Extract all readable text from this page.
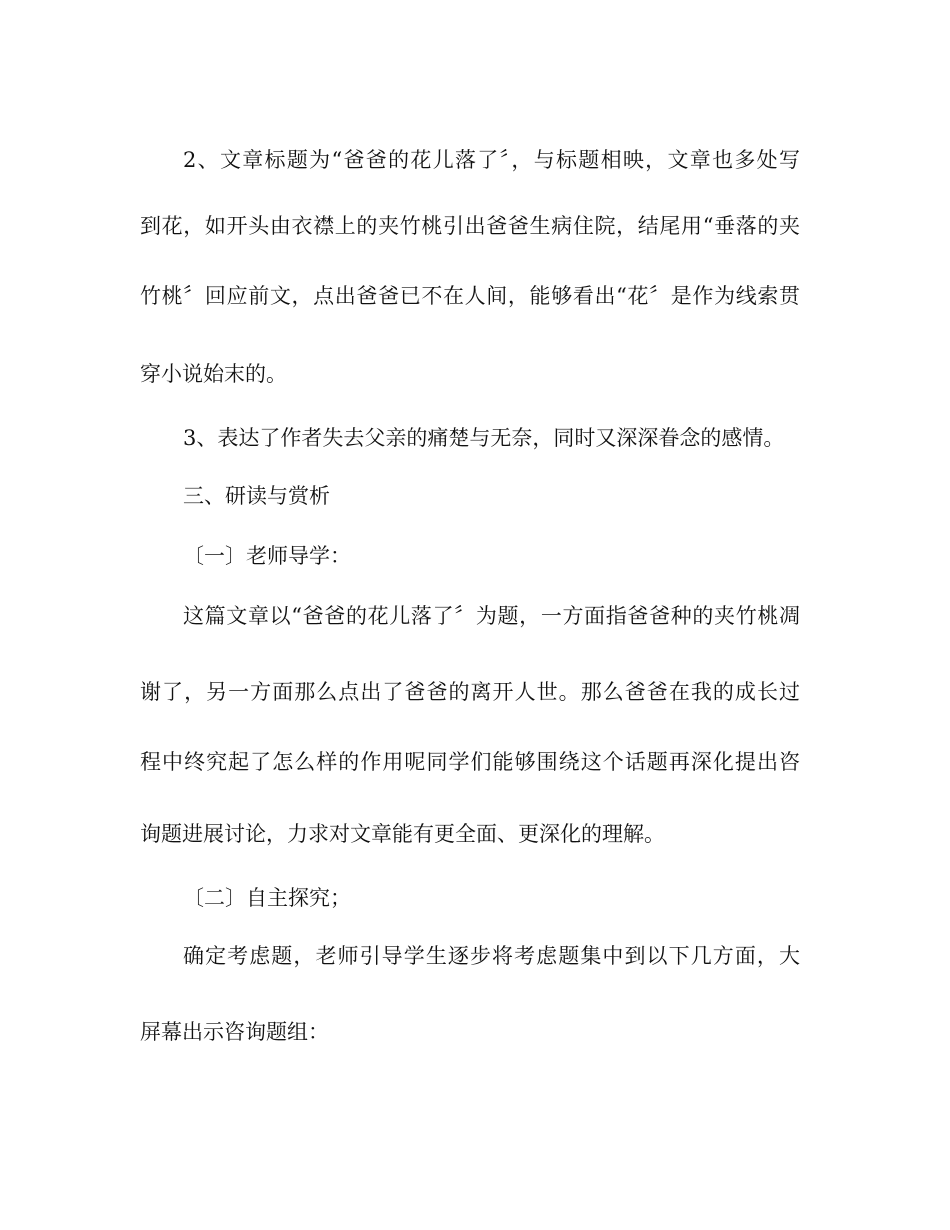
2、文章标题为“爸爸的花儿落了〞，与标题相映，文章也多处写
到花，如开头由衣襟上的夹竹桃引出爸爸生病住院，结尾用“垂落的夹
竹桃〞回应前文，点出爸爸已不在人间，能够看出“花〞是作为线索贯
穿小说始末的。
3、表达了作者失去父亲的痛楚与无奈，同时又深深眷念的感情。
三、研读与赏析
〔一〕老师导学：
这篇文章以“爸爸的花儿落了〞为题，一方面指爸爸种的夹竹桃凋
谢了，另一方面那么点出了爸爸的离开人世。那么爸爸在我的成长过
程中终究起了怎么样的作用呢同学们能够围绕这个话题再深化提出咨
询题进展讨论，力求对文章能有更全面、更深化的理解。
〔二〕自主探究；
确定考虑题，老师引导学生逐步将考虑题集中到以下几方面，大
屏幕出示咨询题组：
